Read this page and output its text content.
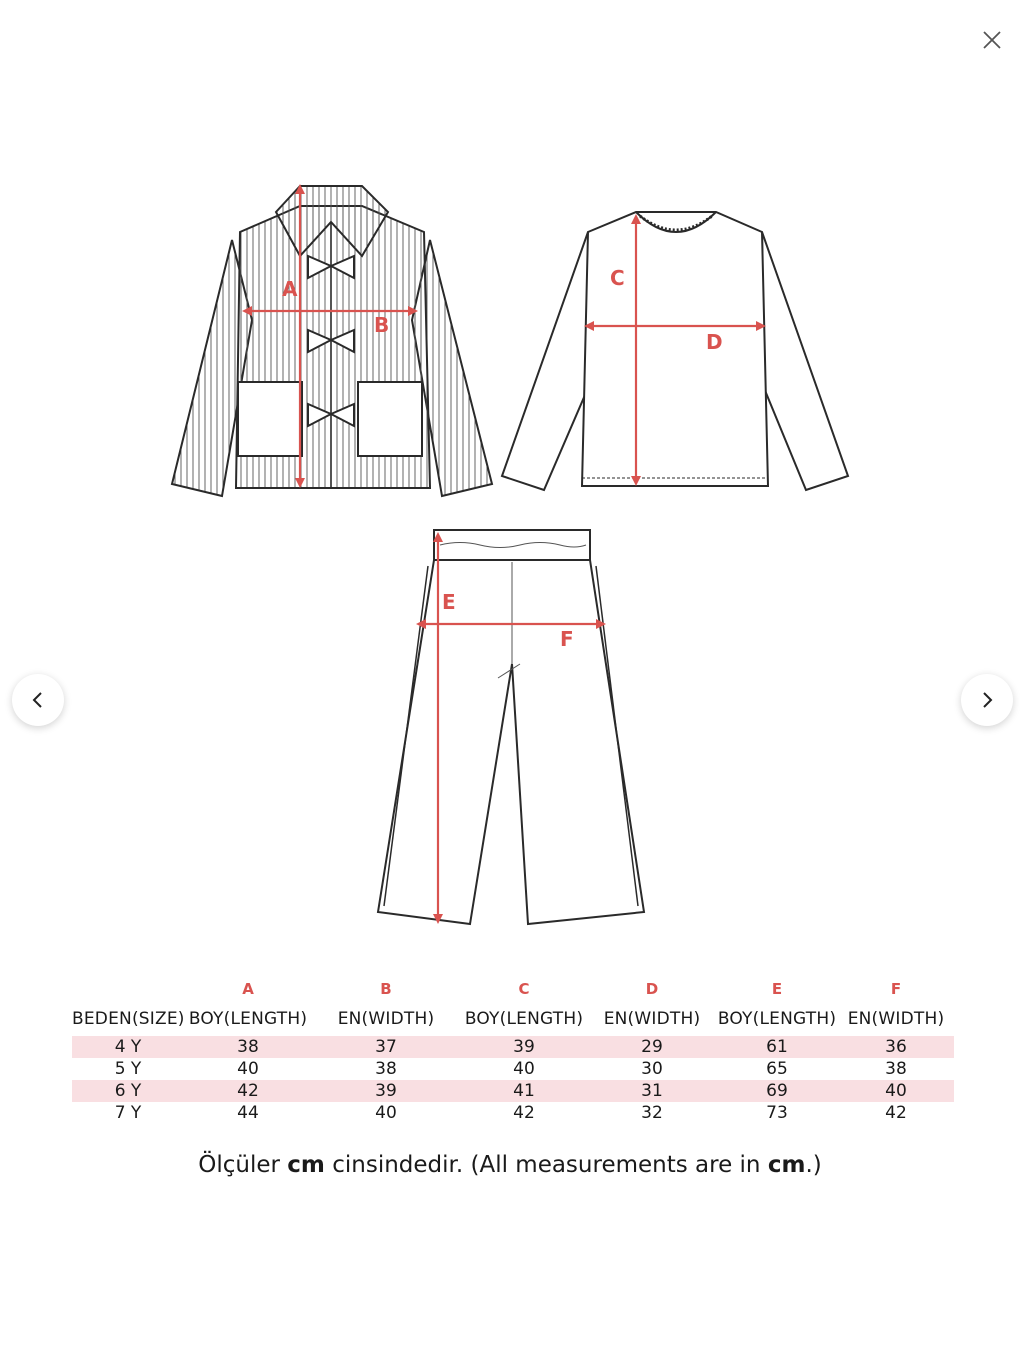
A
B
C
D
E
F
	A	B	C	D	E	F
BEDEN(SIZE)	BOY(LENGTH)	EN(WIDTH)	BOY(LENGTH)	EN(WIDTH)	BOY(LENGTH)	EN(WIDTH)
4 Y	38	37	39	29	61	36
5 Y	40	38	40	30	65	38
6 Y	42	39	41	31	69	40
7 Y	44	40	42	32	73	42
Ölçüler cm cinsindedir. (All measurements are in cm.)
